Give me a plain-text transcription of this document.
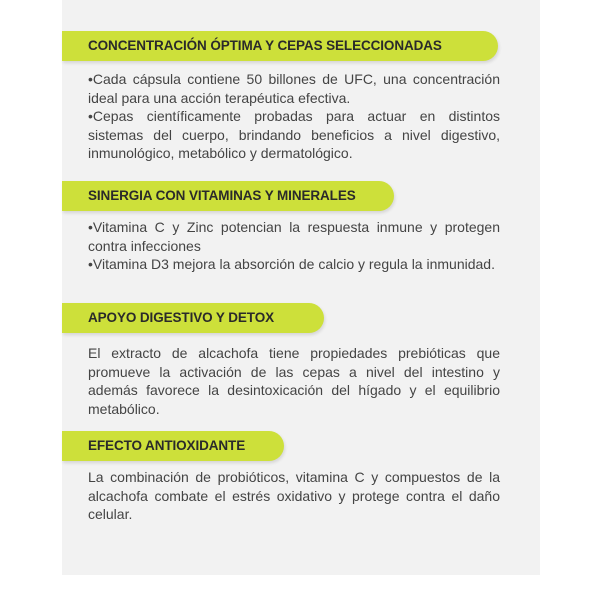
CONCENTRACIÓN ÓPTIMA Y CEPAS SELECCIONADAS

•Cada cápsula contiene 50 billones de UFC, una concentración ideal para una acción terapéutica efectiva.

•Cepas científicamente probadas para actuar en distintos sistemas del cuerpo, brindando beneficios a nivel digestivo, inmunológico, metabólico y dermatológico.

SINERGIA CON VITAMINAS Y MINERALES

•Vitamina C y Zinc potencian la respuesta inmune y protegen contra infecciones

•Vitamina D3 mejora la absorción de calcio y regula la inmunidad.

APOYO DIGESTIVO Y DETOX

El extracto de alcachofa tiene propiedades prebióticas que promueve la activación de las cepas a nivel del intestino y además favorece la desintoxicación del hígado y el equilibrio metabólico.

EFECTO ANTIOXIDANTE

La combinación de probióticos, vitamina C y compuestos de la alcachofa combate el estrés oxidativo y protege contra el daño celular.
